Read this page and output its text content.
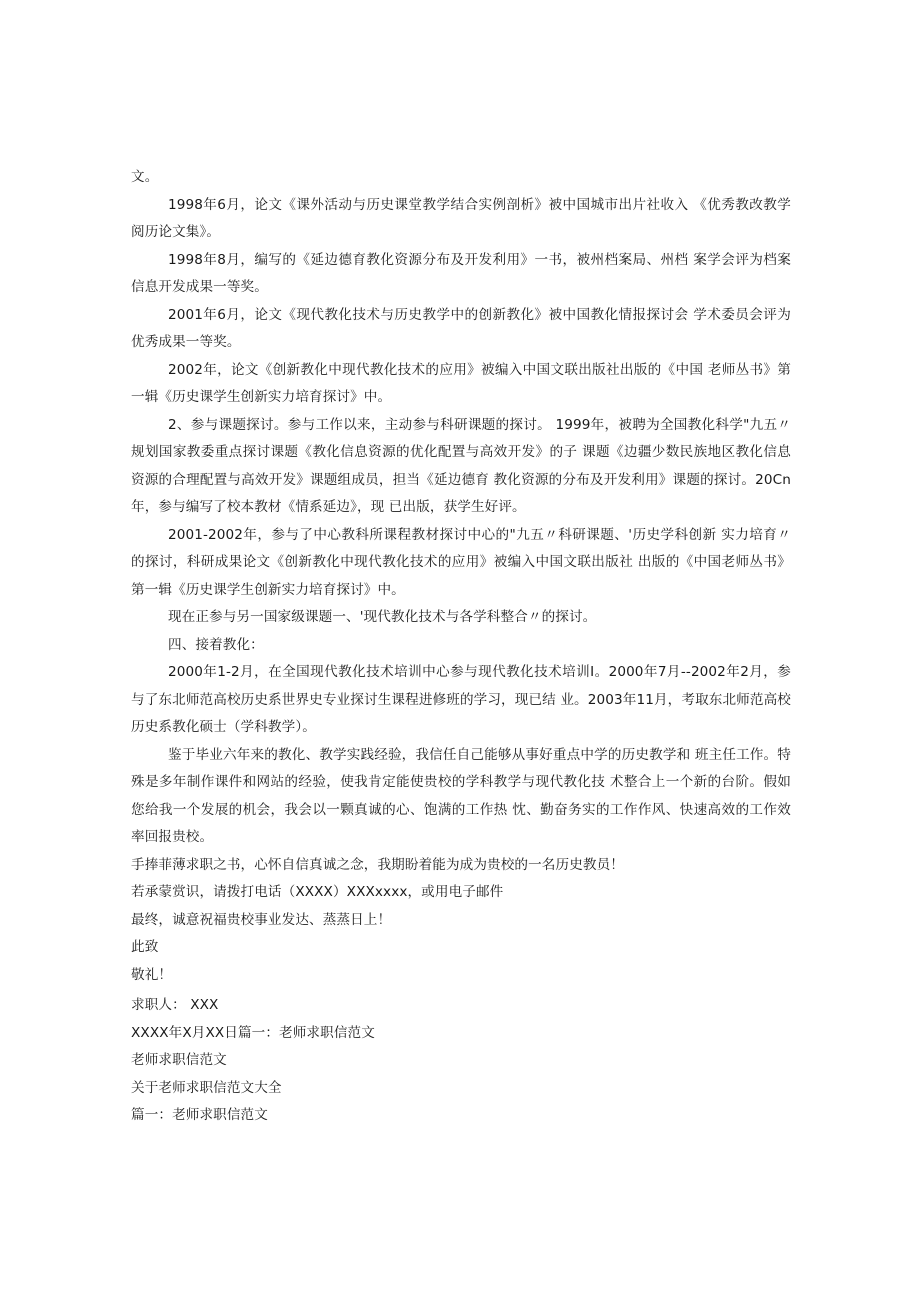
文。

1998年6月，论文《课外活动与历史课堂教学结合实例剖析》被中国城市出片社收入 《优秀教改教学阅历论文集》。

1998年8月，编写的《延边德育教化资源分布及开发利用》一书，被州档案局、州档 案学会评为档案信息开发成果一等奖。

2001年6月，论文《现代教化技术与历史教学中的创新教化》被中国教化情报探讨会 学术委员会评为优秀成果一等奖。

2002年，论文《创新教化中现代教化技术的应用》被编入中国文联出版社出版的《中国 老师丛书》第一辑《历史课学生创新实力培育探讨》中。

2、参与课题探讨。参与工作以来，主动参与科研课题的探讨。 1999年，被聘为全国教化科学"九五〃规划国家教委重点探讨课题《教化信息资源的优化配置与高效开发》的子 课题《边疆少数民族地区教化信息资源的合理配置与高效开发》课题组成员，担当《延边德育 教化资源的分布及开发利用》课题的探讨。20Cn年，参与编写了校本教材《情系延边》，现 已出版，获学生好评。

2001-2002年，参与了中心教科所课程教材探讨中心的"九五〃科研课题、'历史学科创新 实力培育〃的探讨，科研成果论文《创新教化中现代教化技术的应用》被编入中国文联出版社 出版的《中国老师丛书》第一辑《历史课学生创新实力培育探讨》中。

现在正参与另一国家级课题一、'现代教化技术与各学科整合〃的探讨。

四、接着教化：

2000年1-2月，在全国现代教化技术培训中心参与现代教化技术培训I。2000年7月--2002年2月，参与了东北师范高校历史系世界史专业探讨生课程进修班的学习，现已结 业。2003年11月，考取东北师范高校历史系教化硕士（学科教学）。

鉴于毕业六年来的教化、教学实践经验，我信任自己能够从事好重点中学的历史教学和 班主任工作。特殊是多年制作课件和网站的经验，使我肯定能使贵校的学科教学与现代教化技 术整合上一个新的台阶。假如您给我一个发展的机会，我会以一颗真诚的心、饱满的工作热 忱、勤奋务实的工作作风、快速高效的工作效率回报贵校。

手捧菲薄求职之书，心怀自信真诚之念，我期盼着能为成为贵校的一名历史教员！

若承蒙赏识，请拨打电话（XXXX）XXXxxxx，或用电子邮件

最终，诚意祝福贵校事业发达、蒸蒸日上！

此致

敬礼！

求职人： XXX

XXXX年X月XX日篇一：老师求职信范文

老师求职信范文

关于老师求职信范文大全

篇一：老师求职信范文
